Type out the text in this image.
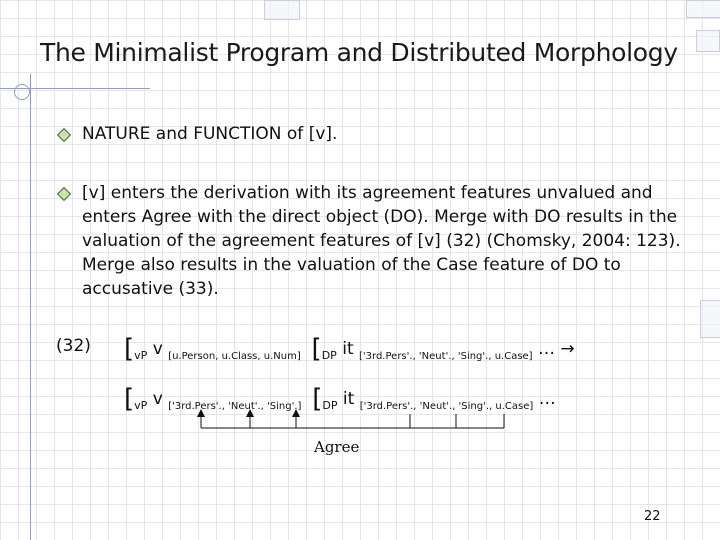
The Minimalist Program and Distributed Morphology
NATURE and FUNCTION of [v].
[v] enters the derivation with its agreement features unvalued and enters Agree with the direct object (DO). Merge with DO results in the valuation of the agreement features of [v] (32) (Chomsky, 2004: 123). Merge also results in the valuation of the Case feature of DO to accusative (33).
(32) [$_{vP}$ v $_{[u.Person, u.Class, u.Num]}$ [$_{DP}$ it $_{['3rd.Pers'., 'Neut'., 'Sing'., u.Case]}$ … →
[$_{vP}$ v $_{['3rd.Pers'., 'Neut'., 'Sing'.]}$ [$_{DP}$ it $_{['3rd.Pers'., 'Neut'., 'Sing'., u.Case]}$ …
Agree
22
